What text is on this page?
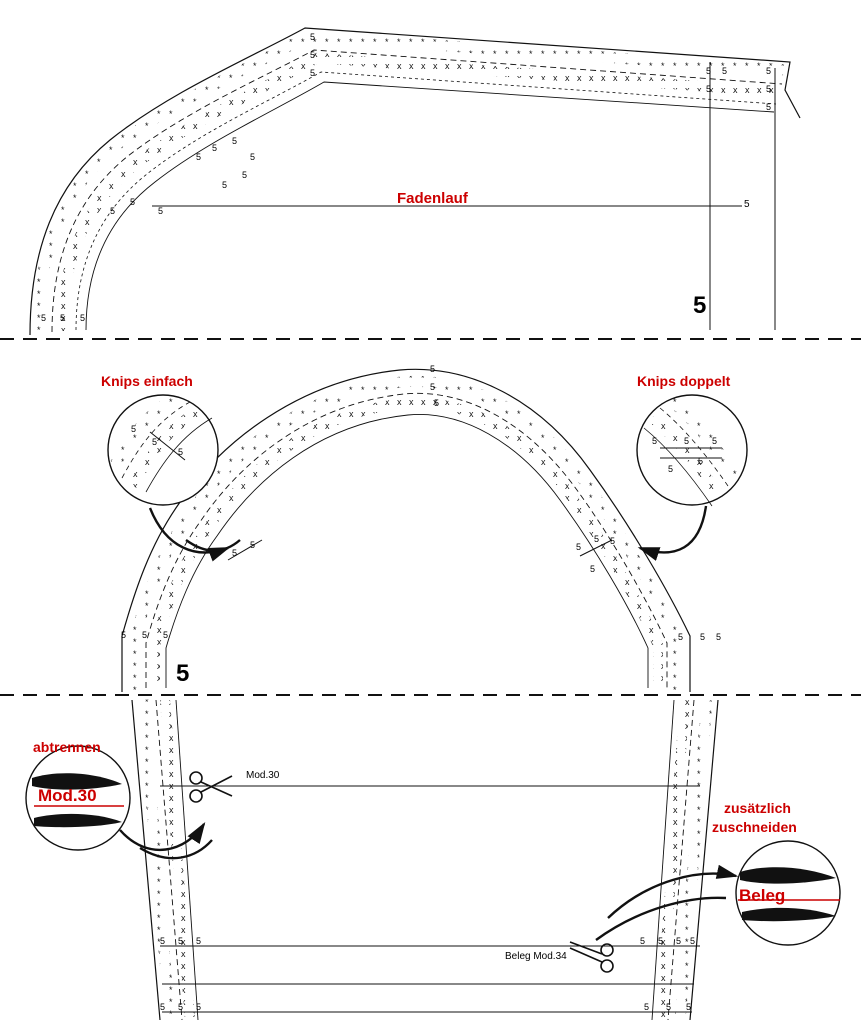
5 5 5
5
5
5
5
5
5
5
5
5
5
5
5	5 5	5
5	5
5
5
5
5
5	5	5
5
5
5 5 5
5
5
5
5
5
5
5 5
5
5 5 5
5 5 5
5 5 5
5 5 5 5
5 5 5
Fadenlauf
5
5
Knips einfach	Knips doppelt
5
abtrennen
Mod.30
Mod.30
zusätzlich
zuschneiden
Beleg
Beleg Mod.34
